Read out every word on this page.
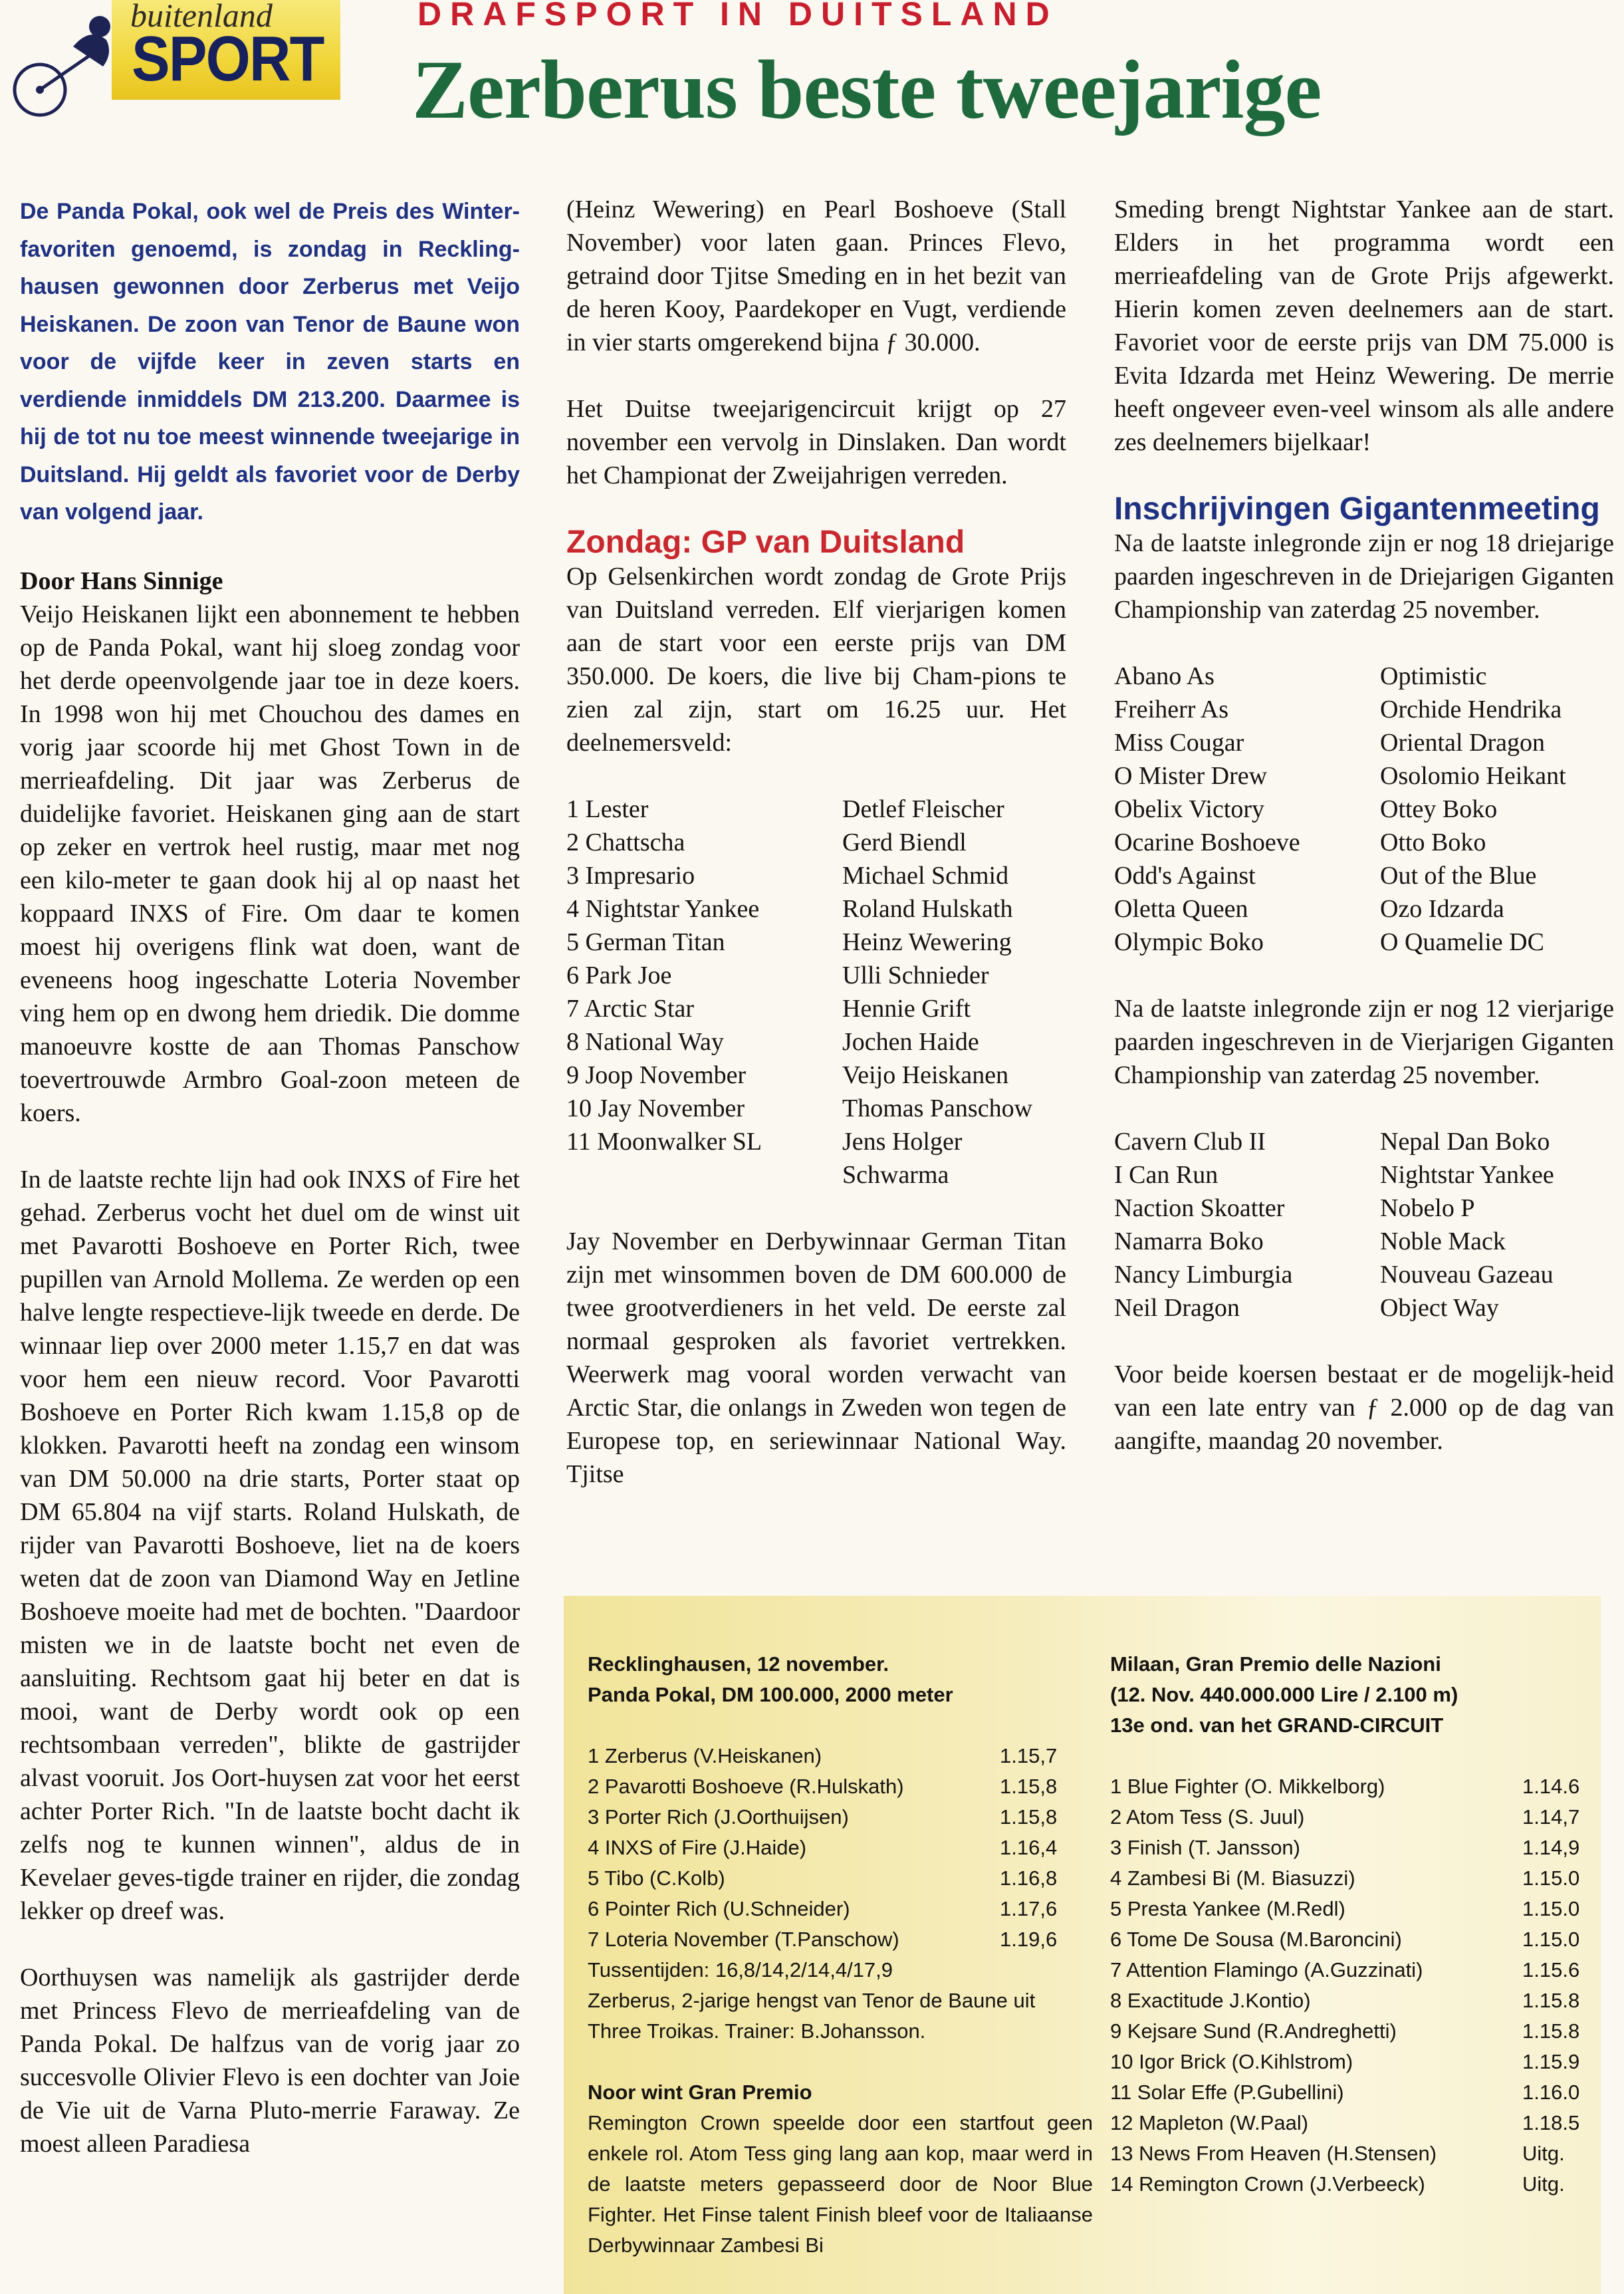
buitenland
SPORT
DRAFSPORT IN DUITSLAND
Zerberus beste tweejarige

De Panda Pokal, ook wel de Preis des Winter-favoriten genoemd, is zondag in Reckling-hausen gewonnen door Zerberus met Veijo Heiskanen. De zoon van Tenor de Baune won voor de vijfde keer in zeven starts en verdiende inmiddels DM 213.200. Daarmee is hij de tot nu toe meest winnende tweejarige in Duitsland. Hij geldt als favoriet voor de Derby van volgend jaar.

Door Hans Sinnige
Veijo Heiskanen lijkt een abonnement te hebben op de Panda Pokal, want hij sloeg zondag voor het derde opeenvolgende jaar toe in deze koers. In 1998 won hij met Chouchou des dames en vorig jaar scoorde hij met Ghost Town in de merrieafdeling. Dit jaar was Zerberus de duidelijke favoriet. Heiskanen ging aan de start op zeker en vertrok heel rustig, maar met nog een kilo-meter te gaan dook hij al op naast het koppaard INXS of Fire. Om daar te komen moest hij overigens flink wat doen, want de eveneens hoog ingeschatte Loteria November ving hem op en dwong hem driedik. Die domme manoeuvre kostte de aan Thomas Panschow toevertrouwde Armbro Goal-zoon meteen de koers.

In de laatste rechte lijn had ook INXS of Fire het gehad. Zerberus vocht het duel om de winst uit met Pavarotti Boshoeve en Porter Rich, twee pupillen van Arnold Mollema. Ze werden op een halve lengte respectieve-lijk tweede en derde. De winnaar liep over 2000 meter 1.15,7 en dat was voor hem een nieuw record. Voor Pavarotti Boshoeve en Porter Rich kwam 1.15,8 op de klokken. Pavarotti heeft na zondag een winsom van DM 50.000 na drie starts, Porter staat op DM 65.804 na vijf starts. Roland Hulskath, de rijder van Pavarotti Boshoeve, liet na de koers weten dat de zoon van Diamond Way en Jetline Boshoeve moeite had met de bochten. "Daardoor misten we in de laatste bocht net even de aansluiting. Rechtsom gaat hij beter en dat is mooi, want de Derby wordt ook op een rechtsombaan verreden", blikte de gastrijder alvast vooruit. Jos Oort-huysen zat voor het eerst achter Porter Rich. "In de laatste bocht dacht ik zelfs nog te kunnen winnen", aldus de in Kevelaer geves-tigde trainer en rijder, die zondag lekker op dreef was.

Oorthuysen was namelijk als gastrijder derde met Princess Flevo de merrieafdeling van de Panda Pokal. De halfzus van de vorig jaar zo succesvolle Olivier Flevo is een dochter van Joie de Vie uit de Varna Pluto-merrie Faraway. Ze moest alleen Paradiesa

(Heinz Wewering) en Pearl Boshoeve (Stall November) voor laten gaan. Princes Flevo, getraind door Tjitse Smeding en in het bezit van de heren Kooy, Paardekoper en Vugt, verdiende in vier starts omgerekend bijna ƒ 30.000.

Het Duitse tweejarigencircuit krijgt op 27 november een vervolg in Dinslaken. Dan wordt het Championat der Zweijahrigen verreden.

Zondag: GP van Duitsland

Op Gelsenkirchen wordt zondag de Grote Prijs van Duitsland verreden. Elf vierjarigen komen aan de start voor een eerste prijs van DM 350.000. De koers, die live bij Cham-pions te zien zal zijn, start om 16.25 uur. Het deelnemersveld:

1 Lester	Detlef Fleischer
2 Chattscha	Gerd Biendl
3 Impresario	Michael Schmid
4 Nightstar Yankee	Roland Hulskath
5 German Titan	Heinz Wewering
6 Park Joe	Ulli Schnieder
7 Arctic Star	Hennie Grift
8 National Way	Jochen Haide
9 Joop November	Veijo Heiskanen
10 Jay November	Thomas Panschow
11 Moonwalker SL	Jens Holger
Schwarma

Jay November en Derbywinnaar German Titan zijn met winsommen boven de DM 600.000 de twee grootverdieners in het veld. De eerste zal normaal gesproken als favoriet vertrekken. Weerwerk mag vooral worden verwacht van Arctic Star, die onlangs in Zweden won tegen de Europese top, en seriewinnaar National Way. Tjitse

Smeding brengt Nightstar Yankee aan de start. Elders in het programma wordt een merrieafdeling van de Grote Prijs afgewerkt. Hierin komen zeven deelnemers aan de start. Favoriet voor de eerste prijs van DM 75.000 is Evita Idzarda met Heinz Wewering. De merrie heeft ongeveer even-veel winsom als alle andere zes deelnemers bijelkaar!

Inschrijvingen Gigantenmeeting

Na de laatste inlegronde zijn er nog 18 driejarige paarden ingeschreven in de Driejarigen Giganten Championship van zaterdag 25 november.

Abano As	Optimistic
Freiherr As	Orchide Hendrika
Miss Cougar	Oriental Dragon
O Mister Drew	Osolomio Heikant
Obelix Victory	Ottey Boko
Ocarine Boshoeve	Otto Boko
Odd's Against	Out of the Blue
Oletta Queen	Ozo Idzarda
Olympic Boko	O Quamelie DC

Na de laatste inlegronde zijn er nog 12 vierjarige paarden ingeschreven in de Vierjarigen Giganten Championship van zaterdag 25 november.

Cavern Club II	Nepal Dan Boko
I Can Run	Nightstar Yankee
Naction Skoatter	Nobelo P
Namarra Boko	Noble Mack
Nancy Limburgia	Nouveau Gazeau
Neil Dragon	Object Way

Voor beide koersen bestaat er de mogelijk-heid van een late entry van ƒ 2.000 op de dag van aangifte, maandag 20 november.

Recklinghausen, 12 november.
Panda Pokal, DM 100.000, 2000 meter
1 Zerberus (V.Heiskanen)	1.15,7
2 Pavarotti Boshoeve (R.Hulskath)	1.15,8
3 Porter Rich (J.Oorthuijsen)	1.15,8
4 INXS of Fire (J.Haide)	1.16,4
5 Tibo (C.Kolb)	1.16,8
6 Pointer Rich (U.Schneider)	1.17,6
7 Loteria November (T.Panschow)	1.19,6
Tussentijden: 16,8/14,2/14,4/17,9
Zerberus, 2-jarige hengst van Tenor de Baune uit Three Troikas. Trainer: B.Johansson.
Noor wint Gran Premio
Remington Crown speelde door een startfout geen enkele rol. Atom Tess ging lang aan kop, maar werd in de laatste meters gepasseerd door de Noor Blue Fighter. Het Finse talent Finish bleef voor de Italiaanse Derbywinnaar Zambesi Bi
Milaan, Gran Premio delle Nazioni
(12. Nov. 440.000.000 Lire / 2.100 m)
13e ond. van het GRAND-CIRCUIT
1 Blue Fighter (O. Mikkelborg)	1.14.6
2 Atom Tess (S. Juul)	1.14,7
3 Finish (T. Jansson)	1.14,9
4 Zambesi Bi (M. Biasuzzi)	1.15.0
5 Presta Yankee (M.Redl)	1.15.0
6 Tome De Sousa (M.Baroncini)	1.15.0
7 Attention Flamingo (A.Guzzinati)	1.15.6
8 Exactitude J.Kontio)	1.15.8
9 Kejsare Sund (R.Andreghetti)	1.15.8
10 Igor Brick (O.Kihlstrom)	1.15.9
11 Solar Effe (P.Gubellini)	1.16.0
12 Mapleton (W.Paal)	1.18.5
13 News From Heaven (H.Stensen)	Uitg.
14 Remington Crown (J.Verbeeck)	Uitg.
